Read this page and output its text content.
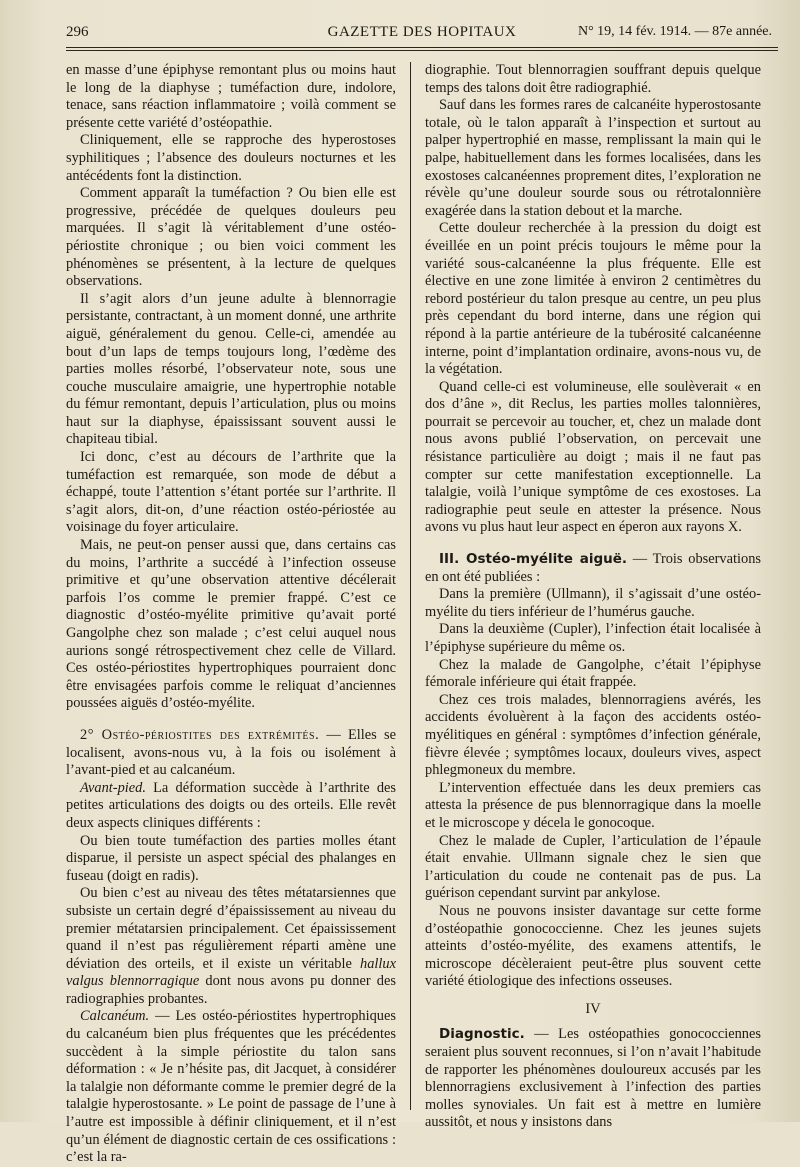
296	GAZETTE DES HOPITAUX	N° 19, 14 fév. 1914. — 87e année.

en masse d’une épiphyse remontant plus ou moins haut le long de la diaphyse ; tuméfaction dure, indolore, tenace, sans réaction inflammatoire ; voilà comment se présente cette variété d’ostéopathie.

Cliniquement, elle se rapproche des hyperostoses syphilitiques ; l’absence des douleurs nocturnes et les antécédents font la distinction.

Comment apparaît la tuméfaction ? Ou bien elle est progressive, précédée de quelques douleurs peu marquées. Il s’agit là véritablement d’une ostéo-périostite chronique ; ou bien voici comment les phénomènes se présentent, à la lecture de quelques observations.

Il s’agit alors d’un jeune adulte à blennorragie persistante, contractant, à un moment donné, une arthrite aiguë, généralement du genou. Celle-ci, amendée au bout d’un laps de temps toujours long, l’œdème des parties molles résorbé, l’observateur note, sous une couche musculaire amaigrie, une hypertrophie notable du fémur remontant, depuis l’articulation, plus ou moins haut sur la diaphyse, épaississant souvent aussi le chapiteau tibial.

Ici donc, c’est au décours de l’arthrite que la tuméfaction est remarquée, son mode de début a échappé, toute l’attention s’étant portée sur l’arthrite. Il s’agit alors, dit-on, d’une réaction ostéo-périostée au voisinage du foyer articulaire.

Mais, ne peut-on penser aussi que, dans certains cas du moins, l’arthrite a succédé à l’infection osseuse primitive et qu’une observation attentive décélerait parfois l’os comme le premier frappé. C’est ce diagnostic d’ostéo-myélite primitive qu’avait porté Gangolphe chez son malade ; c’est celui auquel nous aurions songé rétrospectivement chez celle de Villard. Ces ostéo-périostites hypertrophiques pourraient donc être envisagées parfois comme le reliquat d’anciennes poussées aiguës d’ostéo-myélite.

2° Ostéo-périostites des extrémités. — Elles se localisent, avons-nous vu, à la fois ou isolément à l’avant-pied et au calcanéum.

Avant-pied. La déformation succède à l’arthrite des petites articulations des doigts ou des orteils. Elle revêt deux aspects cliniques différents :

Ou bien toute tuméfaction des parties molles étant disparue, il persiste un aspect spécial des phalanges en fuseau (doigt en radis).

Ou bien c’est au niveau des têtes métatarsiennes que subsiste un certain degré d’épaississement au niveau du premier métatarsien principalement. Cet épaississement quand il n’est pas régulièrement réparti amène une déviation des orteils, et il existe un véritable hallux valgus blennorragique dont nous avons pu donner des radiographies probantes.

Calcanéum. — Les ostéo-périostites hypertrophiques du calcanéum bien plus fréquentes que les précédentes succèdent à la simple périostite du talon sans déformation : « Je n’hésite pas, dit Jacquet, à considérer la talalgie non déformante comme le premier degré de la talalgie hyperostosante. » Le point de passage de l’une à l’autre est impossible à définir cliniquement, et il n’est qu’un élément de diagnostic certain de ces ossifications : c’est la ra-

diographie. Tout blennorragien souffrant depuis quelque temps des talons doit être radiographié.

Sauf dans les formes rares de calcanéite hyperostosante totale, où le talon apparaît à l’inspection et surtout au palper hypertrophié en masse, remplissant la main qui le palpe, habituellement dans les formes localisées, dans les exostoses calcanéennes proprement dites, l’exploration ne révèle qu’une douleur sourde sous ou rétrotalonnière exagérée dans la station debout et la marche.

Cette douleur recherchée à la pression du doigt est éveillée en un point précis toujours le même pour la variété sous-calcanéenne la plus fréquente. Elle est élective en une zone limitée à environ 2 centimètres du rebord postérieur du talon presque au centre, un peu plus près cependant du bord interne, dans une région qui répond à la partie antérieure de la tubérosité calcanéenne interne, point d’implantation ordinaire, avons-nous vu, de la végétation.

Quand celle-ci est volumineuse, elle soulèverait « en dos d’âne », dit Reclus, les parties molles talonnières, pourrait se percevoir au toucher, et, chez un malade dont nous avons publié l’observation, on percevait une résistance particulière au doigt ; mais il ne faut pas compter sur cette manifestation exceptionnelle. La talalgie, voilà l’unique symptôme de ces exostoses. La radiographie peut seule en attester la présence. Nous avons vu plus haut leur aspect en éperon aux rayons X.

III. Ostéo-myélite aiguë. — Trois observations en ont été publiées :

Dans la première (Ullmann), il s’agissait d’une ostéo-myélite du tiers inférieur de l’humérus gauche.

Dans la deuxième (Cupler), l’infection était localisée à l’épiphyse supérieure du même os.

Chez la malade de Gangolphe, c’était l’épiphyse fémorale inférieure qui était frappée.

Chez ces trois malades, blennorragiens avérés, les accidents évoluèrent à la façon des accidents ostéo-myélitiques en général : symptômes d’infection générale, fièvre élevée ; symptômes locaux, douleurs vives, aspect phlegmoneux du membre.

L’intervention effectuée dans les deux premiers cas attesta la présence de pus blennorragique dans la moelle et le microscope y décela le gonocoque.

Chez le malade de Cupler, l’articulation de l’épaule était envahie. Ullmann signale chez le sien que l’articulation du coude ne contenait pas de pus. La guérison cependant survint par ankylose.

Nous ne pouvons insister davantage sur cette forme d’ostéopathie gonococcienne. Chez les jeunes sujets atteints d’ostéo-myélite, des examens attentifs, le microscope décèleraient peut-être plus souvent cette variété étiologique des infections osseuses.

IV

Diagnostic. — Les ostéopathies gonococciennes seraient plus souvent reconnues, si l’on n’avait l’habitude de rapporter les phénomènes douloureux accusés par les blennorragiens exclusivement à l’infection des parties molles synoviales. Un fait est à mettre en lumière aussitôt, et nous y insistons dans
